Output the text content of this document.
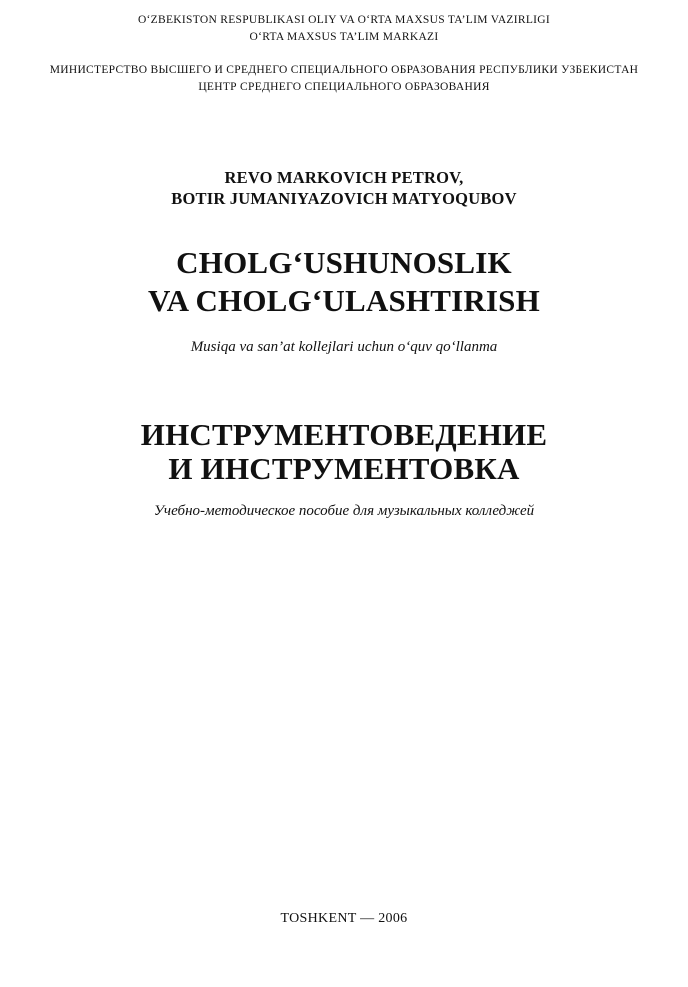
O‘ZBEKISTON RESPUBLIKASI OLIY VA O‘RTA MAXSUS TA’LIM VAZIRLIGI
O‘RTA MAXSUS TA’LIM MARKAZI
МИНИСТЕРСТВО ВЫСШЕГО И СРЕДНЕГО СПЕЦИАЛЬНОГО ОБРАЗОВАНИЯ РЕСПУБЛИКИ УЗБЕКИСТАН
ЦЕНТР СРЕДНЕГО СПЕЦИАЛЬНОГО ОБРАЗОВАНИЯ
REVO MARKOVICH PETROV,
BOTIR JUMANIYAZOVICH MATYOQUBOV
CHOLG‘USHUNOSLIK
VA CHOLG‘ULASHTIRISH
Musiqa va san’at kollejlari uchun o‘quv qo‘llanma
ИНСТРУМЕНТОВЕДЕНИЕ
И ИНСТРУМЕНТОВКА
Учебно-методическое пособие для музыкальных колледжей
TOSHKENT — 2006
